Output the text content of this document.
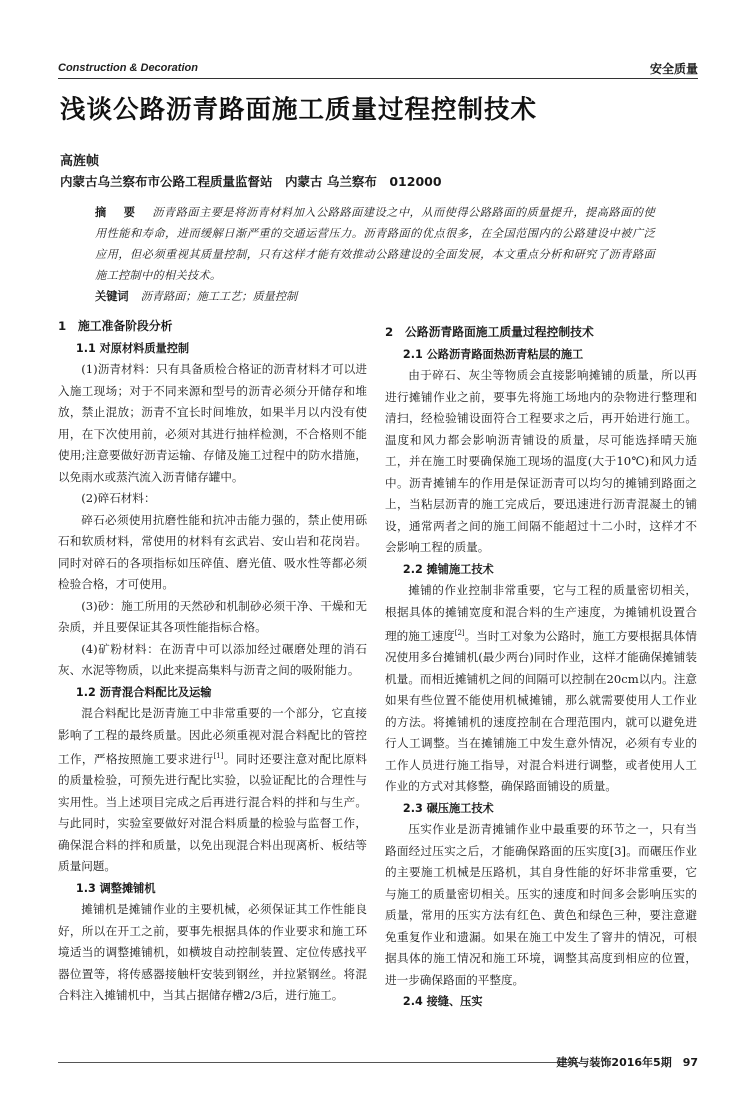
Construction & Decoration	安全质量
浅谈公路沥青路面施工质量过程控制技术
高旌帧
内蒙古乌兰察布市公路工程质量监督站　内蒙古 乌兰察布　012000
摘　要 沥青路面主要是将沥青材料加入公路路面建设之中，从而使得公路路面的质量提升，提高路面的使用性能和寿命，进而缓解日渐严重的交通运营压力。沥青路面的优点很多，在全国范围内的公路建设中被广泛应用，但必须重视其质量控制，只有这样才能有效推动公路建设的全面发展，本文重点分析和研究了沥青路面施工控制中的相关技术。
关键词 沥青路面；施工工艺；质量控制
1　施工准备阶段分析
1.1 对原材料质量控制

(1)沥青材料：只有具备质检合格证的沥青材料才可以进入施工现场；对于不同来源和型号的沥青必须分开储存和堆放，禁止混放；沥青不宜长时间堆放，如果半月以内没有使用，在下次使用前，必须对其进行抽样检测，不合格则不能使用;注意要做好沥青运输、存储及施工过程中的防水措施，以免雨水或蒸汽流入沥青储存罐中。

(2)碎石材料：

碎石必须使用抗磨性能和抗冲击能力强的，禁止使用砾石和软质材料，常使用的材料有玄武岩、安山岩和花岗岩。同时对碎石的各项指标如压碎值、磨光值、吸水性等都必须检验合格，才可使用。

(3)砂：施工所用的天然砂和机制砂必须干净、干燥和无杂质，并且要保证其各项性能指标合格。

(4)矿粉材料：在沥青中可以添加经过碾磨处理的消石灰、水泥等物质，以此来提高集料与沥青之间的吸附能力。

1.2 沥青混合料配比及运输

混合料配比是沥青施工中非常重要的一个部分，它直接影响了工程的最终质量。因此必须重视对混合料配比的管控工作，严格按照施工要求进行[1]。同时还要注意对配比原料的质量检验，可预先进行配比实验，以验证配比的合理性与实用性。当上述项目完成之后再进行混合料的拌和与生产。与此同时，实验室要做好对混合料质量的检验与监督工作，确保混合料的拌和质量，以免出现混合料出现离析、板结等质量问题。

1.3 调整摊铺机

摊铺机是摊铺作业的主要机械，必须保证其工作性能良好，所以在开工之前，要事先根据具体的作业要求和施工环境适当的调整摊铺机，如横坡自动控制装置、定位传感找平器位置等，将传感器接触杆安装到钢丝，并拉紧钢丝。将混合料注入摊铺机中，当其占据储存槽2/3后，进行施工。

2　公路沥青路面施工质量过程控制技术
2.1 公路沥青路面热沥青粘层的施工

由于碎石、灰尘等物质会直接影响摊铺的质量，所以再进行摊铺作业之前，要事先将施工场地内的杂物进行整理和清扫，经检验铺设面符合工程要求之后，再开始进行施工。温度和风力都会影响沥青铺设的质量，尽可能选择晴天施工，并在施工时要确保施工现场的温度(大于10℃)和风力适中。沥青摊铺车的作用是保证沥青可以均匀的摊铺到路面之上，当粘层沥青的施工完成后，要迅速进行沥青混凝土的铺设，通常两者之间的施工间隔不能超过十二小时，这样才不会影响工程的质量。

2.2 摊铺施工技术

摊铺的作业控制非常重要，它与工程的质量密切相关，根据具体的摊铺宽度和混合料的生产速度，为摊铺机设置合理的施工速度[2]。当时工对象为公路时，施工方要根据具体情况使用多台摊铺机(最少两台)同时作业，这样才能确保摊铺装机量。而相近摊铺机之间的间隔可以控制在20cm以内。注意如果有些位置不能使用机械摊铺，那么就需要使用人工作业的方法。将摊铺机的速度控制在合理范围内，就可以避免进行人工调整。当在摊铺施工中发生意外情况，必须有专业的工作人员进行施工指导，对混合料进行调整，或者使用人工作业的方式对其修整，确保路面铺设的质量。

2.3 碾压施工技术

压实作业是沥青摊铺作业中最重要的环节之一，只有当路面经过压实之后，才能确保路面的压实度[3]。而碾压作业的主要施工机械是压路机，其自身性能的好坏非常重要，它与施工的质量密切相关。压实的速度和时间多会影响压实的质量，常用的压实方法有红色、黄色和绿色三种，要注意避免重复作业和遗漏。如果在施工中发生了窨井的情况，可根据具体的施工情况和施工环境，调整其高度到相应的位置，进一步确保路面的平整度。

2.4 接缝、压实
建筑与装饰2016年5期　97
